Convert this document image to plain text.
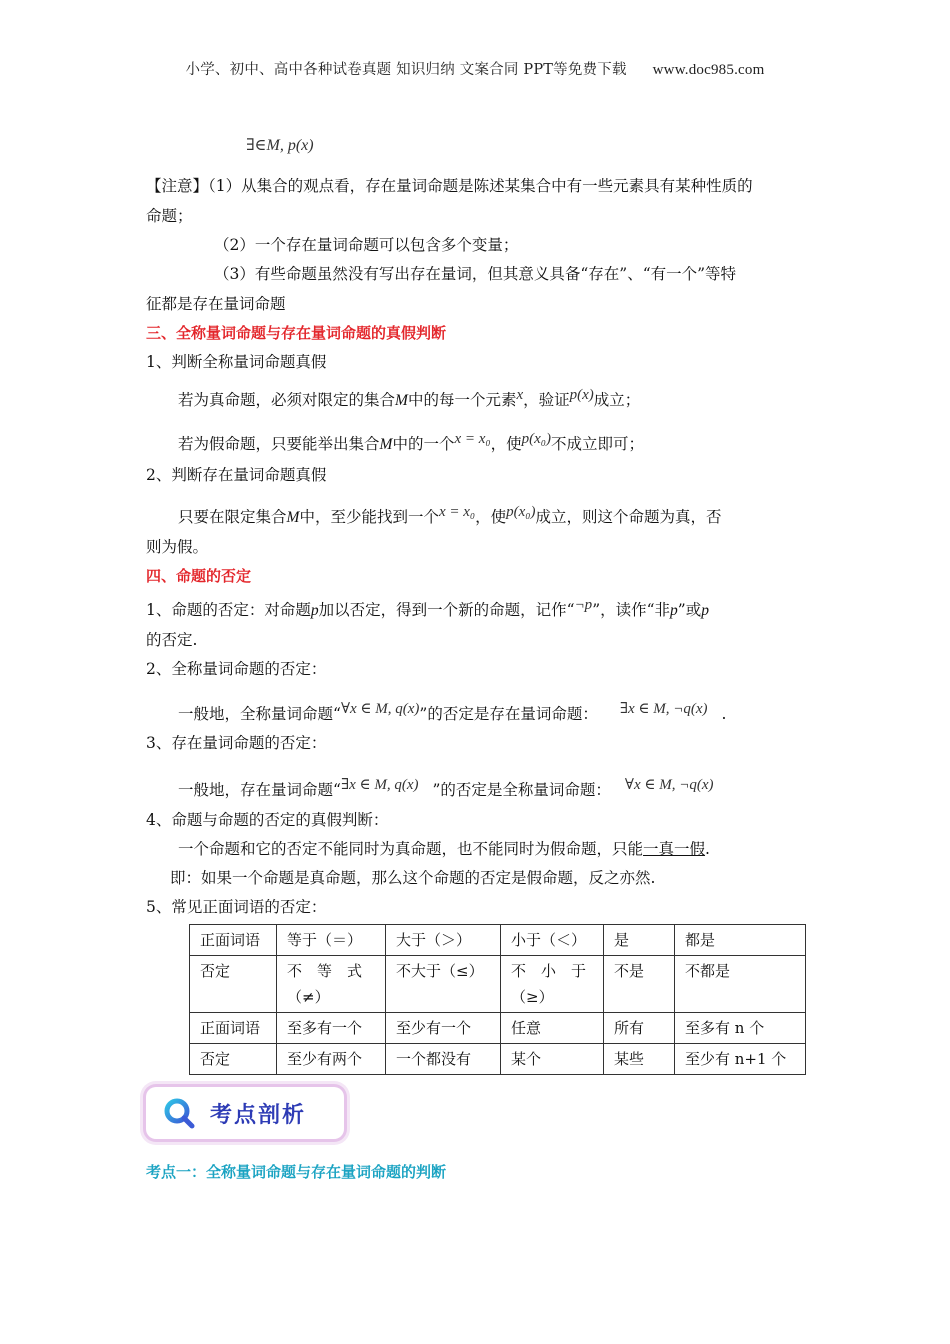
小学、初中、高中各种试卷真题 知识归纳 文案合同 PPT等免费下载 www.doc985.com
∃∈M, p(x)
【注意】（1）从集合的观点看，存在量词命题是陈述某集合中有一些元素具有某种性质的
命题；
（2）一个存在量词命题可以包含多个变量；
（3）有些命题虽然没有写出存在量词，但其意义具备“存在”、“有一个”等特
征都是存在量词命题
三、全称量词命题与存在量词命题的真假判断
1、判断全称量词命题真假
若为真命题，必须对限定的集合M中的每一个元素x，验证p(x)成立；
若为假命题，只要能举出集合M中的一个x = x₀，使p(x₀)不成立即可；
2、判断存在量词命题真假
只要在限定集合M中，至少能找到一个x = x₀，使p(x₀)成立，则这个命题为真，否
则为假。
四、命题的否定
1、命题的否定：对命题p加以否定，得到一个新的命题，记作“¬p”，读作“非p”或p
的否定.
2、全称量词命题的否定：
一般地，全称量词命题“∀x ∈ M, q(x)”的否定是存在量词命题： ∃x ∈ M, ¬q(x) .
3、存在量词命题的否定：
一般地，存在量词命题“∃x ∈ M, q(x) ”的否定是全称量词命题： ∀x ∈ M, ¬q(x)
4、命题与命题的否定的真假判断：
一个命题和它的否定不能同时为真命题，也不能同时为假命题，只能一真一假.
即：如果一个命题是真命题，那么这个命题的否定是假命题，反之亦然.
5、常见正面词语的否定：
正面词语	等于（＝）	大于（＞）	小于（＜）	是	都是
否定	不　等　式（≠）	不大于（≤）	不　小　于（≥）	不是	不都是
正面词语	至多有一个	至少有一个	任意	所有	至多有 n 个
否定	至少有两个	一个都没有	某个	某些	至少有 n+1 个
考点剖析
考点一：全称量词命题与存在量词命题的判断
